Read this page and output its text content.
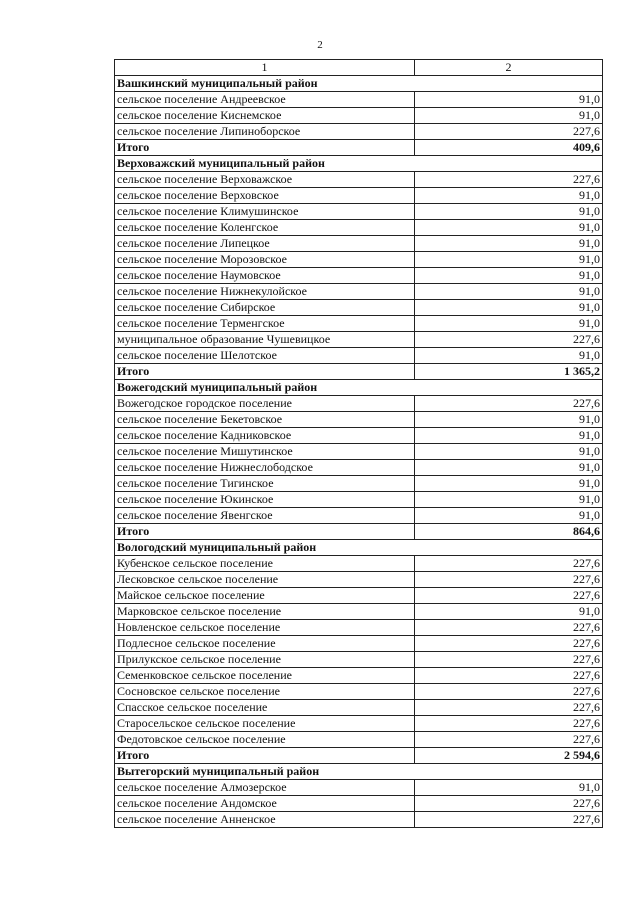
2
1	2
Вашкинский муниципальный район	
сельское поселение Андреевское	91,0
сельское поселение Киснемское	91,0
сельское поселение Липиноборское	227,6
Итого	409,6
Верховажский муниципальный район	
сельское поселение Верховажское	227,6
сельское поселение Верховское	91,0
сельское поселение Климушинское	91,0
сельское поселение Коленгское	91,0
сельское поселение Липецкое	91,0
сельское поселение Морозовское	91,0
сельское поселение Наумовское	91,0
сельское поселение Нижнекулойское	91,0
сельское поселение Сибирское	91,0
сельское поселение Терменгское	91,0
муниципальное образование Чушевицкое	227,6
сельское поселение Шелотское	91,0
Итого	1 365,2
Вожегодский муниципальный район	
Вожегодское городское поселение	227,6
сельское поселение Бекетовское	91,0
сельское поселение Кадниковское	91,0
сельское поселение Мишутинское	91,0
сельское поселение Нижнеслободское	91,0
сельское поселение Тигинское	91,0
сельское поселение Юкинское	91,0
сельское поселение Явенгское	91,0
Итого	864,6
Вологодский муниципальный район	
Кубенское сельское поселение	227,6
Лесковское сельское поселение	227,6
Майское сельское поселение	227,6
Марковское сельское поселение	91,0
Новленское сельское поселение	227,6
Подлесное сельское поселение	227,6
Прилукское сельское поселение	227,6
Семенковское сельское поселение	227,6
Сосновское сельское поселение	227,6
Спасское сельское поселение	227,6
Старосельское сельское поселение	227,6
Федотовское сельское поселение	227,6
Итого	2 594,6
Вытегорский муниципальный район	
сельское поселение Алмозерское	91,0
сельское поселение Андомское	227,6
сельское поселение Анненское	227,6
